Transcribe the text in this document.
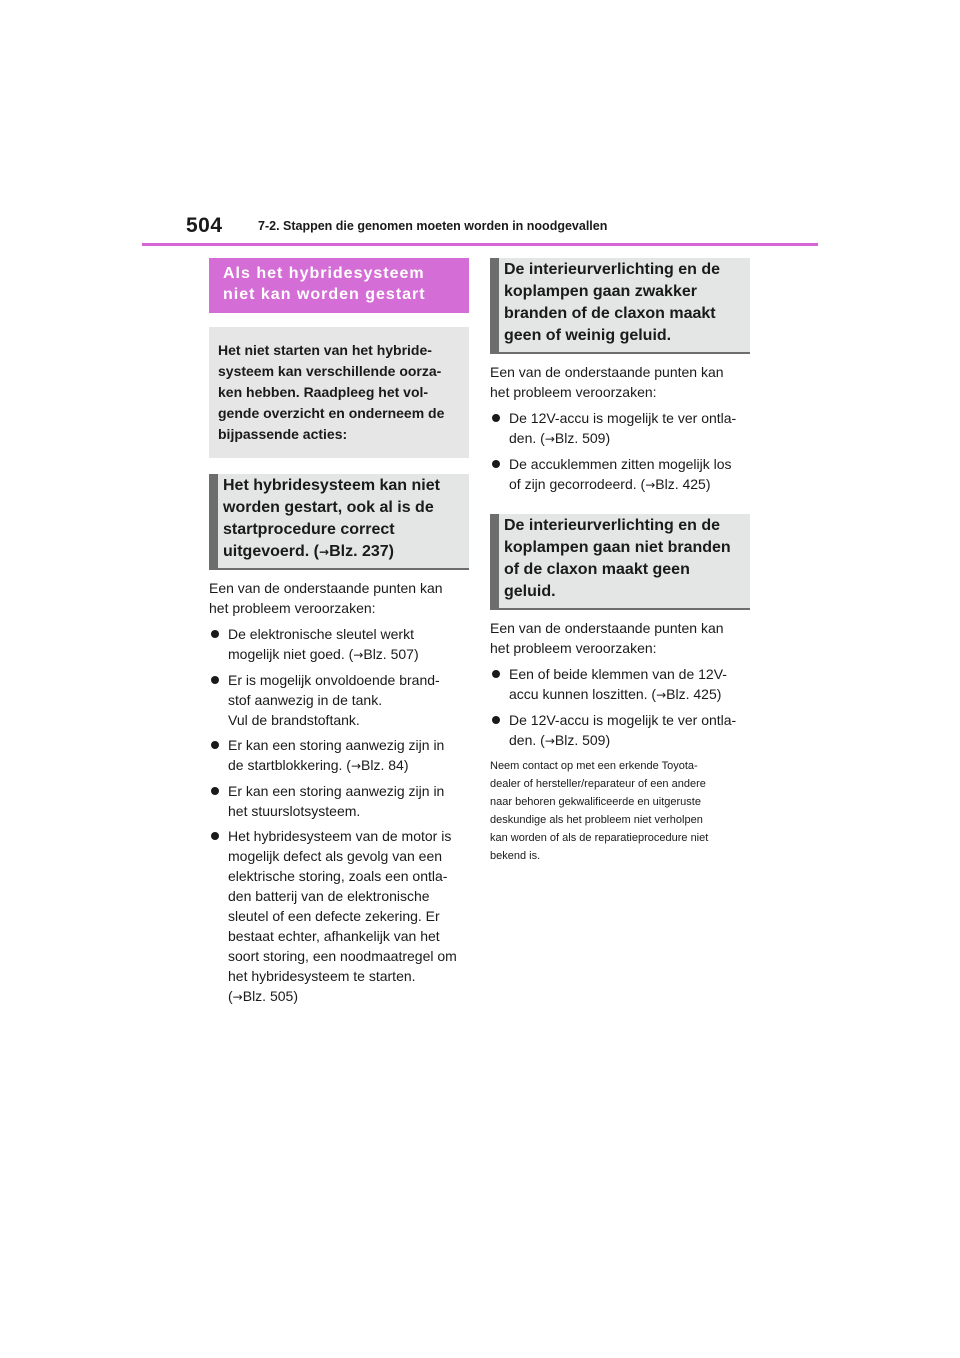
504	7-2. Stappen die genomen moeten worden in noodgevallen
Als het hybridesysteem
niet kan worden gestart
Het niet starten van het hybride-
systeem kan verschillende oorza-
ken hebben. Raadpleeg het vol-
gende overzicht en onderneem de
bijpassende acties:
Het hybridesysteem kan niet
worden gestart, ook al is de
startprocedure correct
uitgevoerd. (→Blz. 237)
Een van de onderstaande punten kan
het probleem veroorzaken:
De elektronische sleutel werkt
mogelijk niet goed. (→Blz. 507)
Er is mogelijk onvoldoende brand-
stof aanwezig in de tank.
Vul de brandstoftank.
Er kan een storing aanwezig zijn in
de startblokkering. (→Blz. 84)
Er kan een storing aanwezig zijn in
het stuurslotsysteem.
Het hybridesysteem van de motor is
mogelijk defect als gevolg van een
elektrische storing, zoals een ontla-
den batterij van de elektronische
sleutel of een defecte zekering. Er
bestaat echter, afhankelijk van het
soort storing, een noodmaatregel om
het hybridesysteem te starten.
(→Blz. 505)
De interieurverlichting en de
koplampen gaan zwakker
branden of de claxon maakt
geen of weinig geluid.
Een van de onderstaande punten kan
het probleem veroorzaken:
De 12V-accu is mogelijk te ver ontla-
den. (→Blz. 509)
De accuklemmen zitten mogelijk los
of zijn gecorrodeerd. (→Blz. 425)
De interieurverlichting en de
koplampen gaan niet branden
of de claxon maakt geen
geluid.
Een van de onderstaande punten kan
het probleem veroorzaken:
Een of beide klemmen van de 12V-
accu kunnen loszitten. (→Blz. 425)
De 12V-accu is mogelijk te ver ontla-
den. (→Blz. 509)
Neem contact op met een erkende Toyota-
dealer of hersteller/reparateur of een andere
naar behoren gekwalificeerde en uitgeruste
deskundige als het probleem niet verholpen
kan worden of als de reparatieprocedure niet
bekend is.
